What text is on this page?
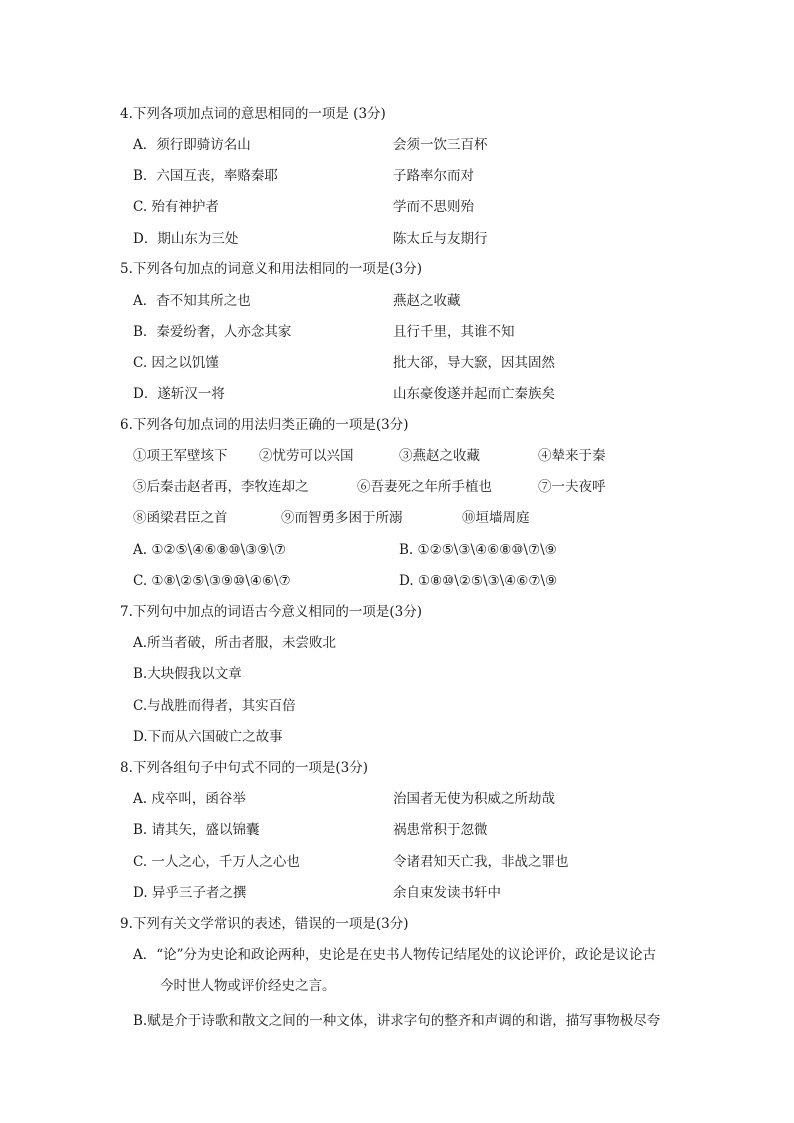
4.下列各项加点词的意思相同的一项是 (3分)
A．须行即骑访名山	会须一饮三百杯
B．六国互丧，率赂秦耶	子路率尔而对
C. 殆有神护者	学而不思则殆
D．期山东为三处	陈太丘与友期行
5.下列各句加点的词意义和用法相同的一项是(3分)
A．杳不知其所之也	燕赵之收藏
B．秦爱纷奢，人亦念其家	且行千里，其谁不知
C. 因之以饥馑	批大郤，导大窾，因其固然
D．遂斩汉一将	山东豪俊遂并起而亡秦族矣
6.下列各句加点词的用法归类正确的一项是(3分)
①项王军壁垓下 ②忧劳可以兴国	③燕赵之收藏	④辇来于秦
⑤后秦击赵者再，李牧连却之	⑥吾妻死之年所手植也	⑦一夫夜呼
⑧函梁君臣之首	⑨而智勇多困于所溺	⑩垣墙周庭
A. ①②⑤\④⑥⑧⑩\③⑨\⑦	B. ①②⑤\③\④⑥⑧⑩\⑦\⑨
C. ①⑧\②⑤\③⑨⑩\④⑥\⑦	D. ①⑧⑩\②⑤\③\④⑥⑦\⑨
7.下列句中加点的词语古今意义相同的一项是(3分)
A.所当者破，所击者服，未尝败北
B.大块假我以文章
C.与战胜而得者，其实百倍
D.下而从六国破亡之故事
8.下列各组句子中句式不同的一项是(3分)
A. 戍卒叫，函谷举	治国者无使为积威之所劫哉
B. 请其矢，盛以锦囊	祸患常积于忽微
C. 一人之心，千万人之心也	令诸君知天亡我，非战之罪也
D. 异乎三子者之撰	余自束发读书轩中
9.下列有关文学常识的表述，错误的一项是(3分)
A．“论”分为史论和政论两种，史论是在史书人物传记结尾处的议论评价，政论是议论古
今时世人物或评价经史之言。
B.赋是介于诗歌和散文之间的一种文体，讲求字句的整齐和声调的和谐，描写事物极尽夸
